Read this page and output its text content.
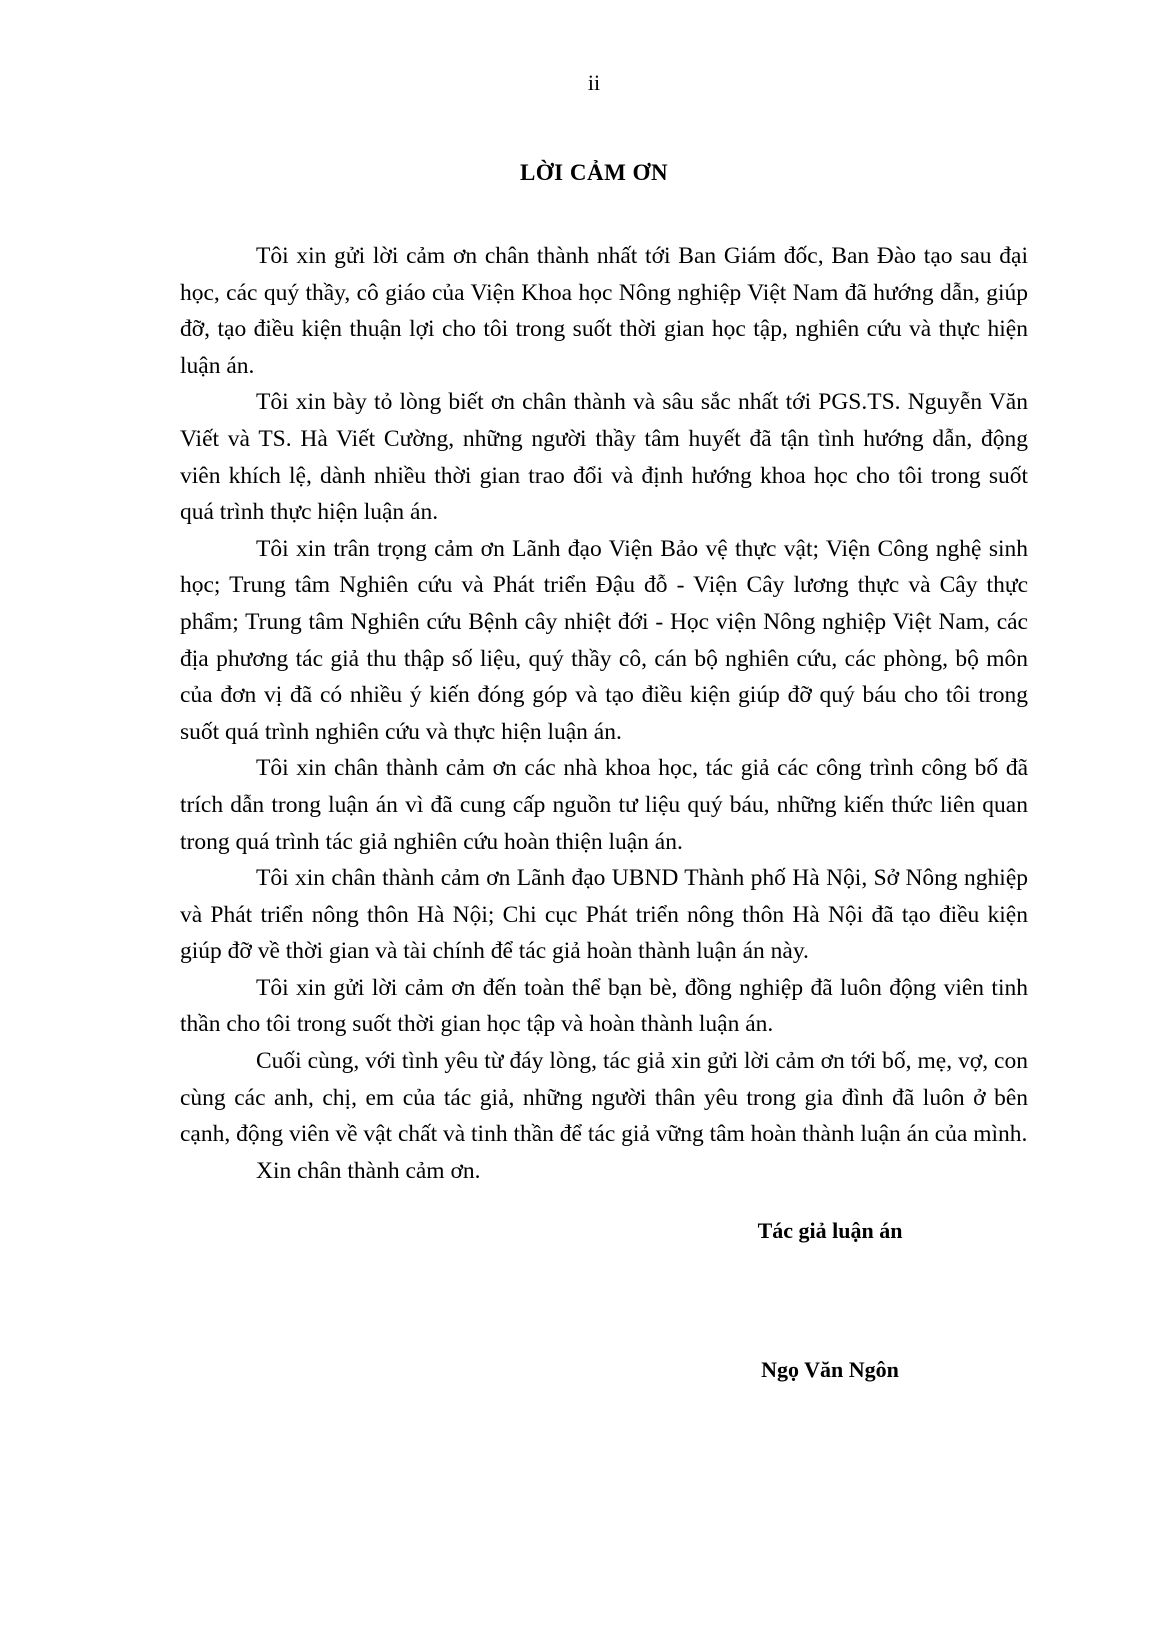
ii
LỜI CẢM ƠN

Tôi xin gửi lời cảm ơn chân thành nhất tới Ban Giám đốc, Ban Đào tạo sau đại học, các quý thầy, cô giáo của Viện Khoa học Nông nghiệp Việt Nam đã hướng dẫn, giúp đỡ, tạo điều kiện thuận lợi cho tôi trong suốt thời gian học tập, nghiên cứu và thực hiện luận án.

Tôi xin bày tỏ lòng biết ơn chân thành và sâu sắc nhất tới PGS.TS. Nguyễn Văn Viết và TS. Hà Viết Cường, những người thầy tâm huyết đã tận tình hướng dẫn, động viên khích lệ, dành nhiều thời gian trao đổi và định hướng khoa học cho tôi trong suốt quá trình thực hiện luận án.

Tôi xin trân trọng cảm ơn Lãnh đạo Viện Bảo vệ thực vật; Viện Công nghệ sinh học; Trung tâm Nghiên cứu và Phát triển Đậu đỗ - Viện Cây lương thực và Cây thực phẩm; Trung tâm Nghiên cứu Bệnh cây nhiệt đới - Học viện Nông nghiệp Việt Nam, các địa phương tác giả thu thập số liệu, quý thầy cô, cán bộ nghiên cứu, các phòng, bộ môn của đơn vị đã có nhiều ý kiến đóng góp và tạo điều kiện giúp đỡ quý báu cho tôi trong suốt quá trình nghiên cứu và thực hiện luận án.

Tôi xin chân thành cảm ơn các nhà khoa học, tác giả các công trình công bố đã trích dẫn trong luận án vì đã cung cấp nguồn tư liệu quý báu, những kiến thức liên quan trong quá trình tác giả nghiên cứu hoàn thiện luận án.

Tôi xin chân thành cảm ơn Lãnh đạo UBND Thành phố Hà Nội, Sở Nông nghiệp và Phát triển nông thôn Hà Nội; Chi cục Phát triển nông thôn Hà Nội đã tạo điều kiện giúp đỡ về thời gian và tài chính để tác giả hoàn thành luận án này.

Tôi xin gửi lời cảm ơn đến toàn thể bạn bè, đồng nghiệp đã luôn động viên tinh thần cho tôi trong suốt thời gian học tập và hoàn thành luận án.

Cuối cùng, với tình yêu từ đáy lòng, tác giả xin gửi lời cảm ơn tới bố, mẹ, vợ, con cùng các anh, chị, em của tác giả, những người thân yêu trong gia đình đã luôn ở bên cạnh, động viên về vật chất và tinh thần để tác giả vững tâm hoàn thành luận án của mình.

Xin chân thành cảm ơn.

Tác giả luận án
Ngọ Văn Ngôn
